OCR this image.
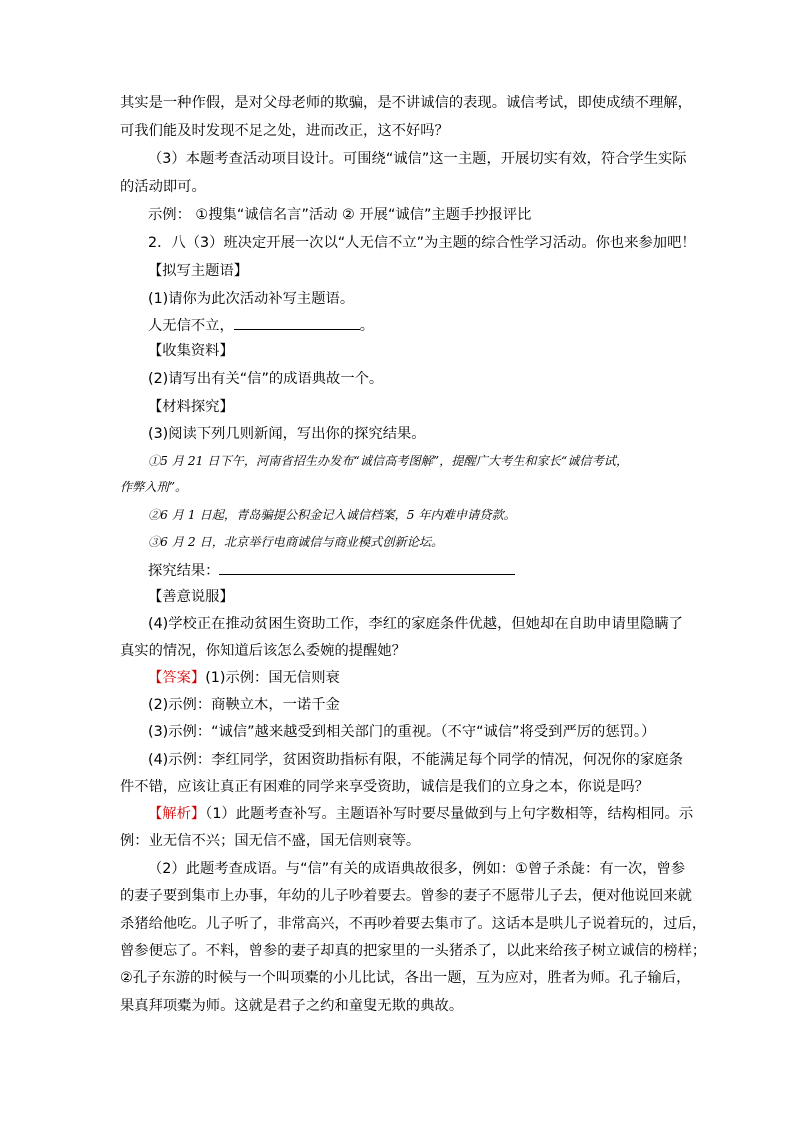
其实是一种作假，是对父母老师的欺骗，是不讲诚信的表现。诚信考试，即使成绩不理解，
可我们能及时发现不足之处，进而改正，这不好吗？
（3）本题考查活动项目设计。可围绕“诚信”这一主题，开展切实有效，符合学生实际
的活动即可。
示例： ①搜集“诚信名言”活动 ② 开展“诚信”主题手抄报评比
2．八（3）班决定开展一次以“人无信不立”为主题的综合性学习活动。你也来参加吧！
【拟写主题语】
(1)请你为此次活动补写主题语。
人无信不立，	。
【收集资料】
(2)请写出有关“信”的成语典故一个。
【材料探究】
(3)阅读下列几则新闻，写出你的探究结果。
①5 月 21 日下午，河南省招生办发布“诚信高考图解”，提醒广大考生和家长“诚信考试，
作弊入刑”。
②6 月 1 日起，青岛骗提公积金记入诚信档案，5 年内难申请贷款。
③6 月 2 日，北京举行电商诚信与商业模式创新论坛。
探究结果：
【善意说服】
(4)学校正在推动贫困生资助工作，李红的家庭条件优越，但她却在自助申请里隐瞒了
真实的情况，你知道后该怎么委婉的提醒她？
【答案】(1)示例：国无信则衰
(2)示例：商鞅立木，一诺千金
(3)示例：“诚信”越来越受到相关部门的重视。（不守“诚信”将受到严厉的惩罚。）
(4)示例：李红同学，贫困资助指标有限，不能满足每个同学的情况，何况你的家庭条
件不错，应该让真正有困难的同学来享受资助，诚信是我们的立身之本，你说是吗？
【解析】（1）此题考查补写。主题语补写时要尽量做到与上句字数相等，结构相同。示
例：业无信不兴；国无信不盛，国无信则衰等。
（2）此题考查成语。与“信”有关的成语典故很多，例如：①曾子杀彘：有一次，曾参
的妻子要到集市上办事，年幼的儿子吵着要去。曾参的妻子不愿带儿子去，便对他说回来就
杀猪给他吃。儿子听了，非常高兴，不再吵着要去集市了。这话本是哄儿子说着玩的，过后，
曾参便忘了。不料，曾参的妻子却真的把家里的一头猪杀了，以此来给孩子树立诚信的榜样；
②孔子东游的时候与一个叫项橐的小儿比试，各出一题，互为应对，胜者为师。孔子输后，
果真拜项橐为师。这就是君子之约和童叟无欺的典故。
